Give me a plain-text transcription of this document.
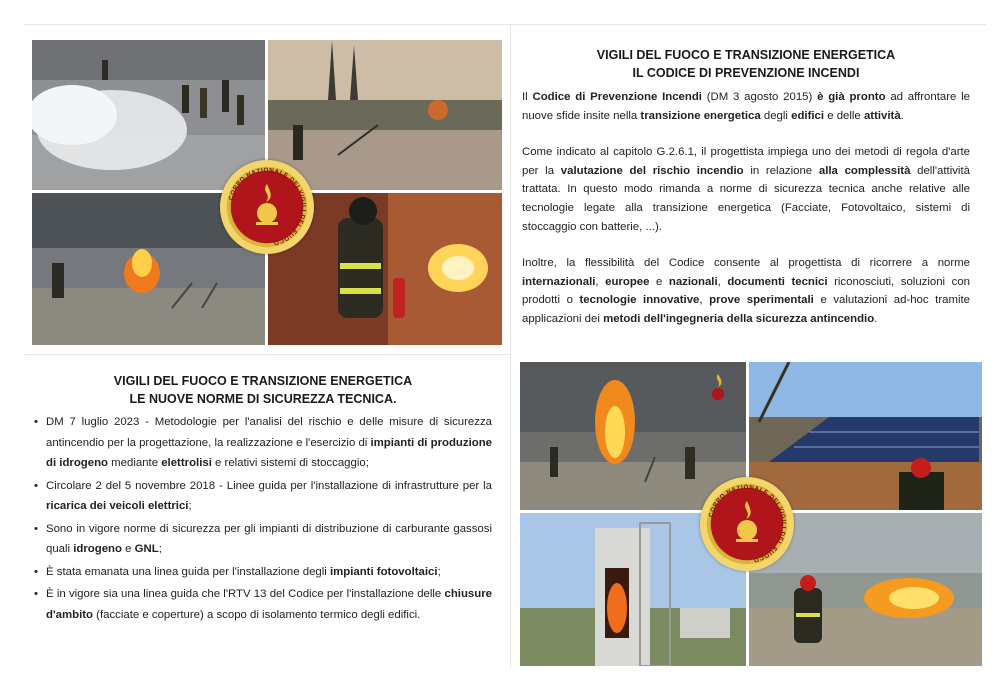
CORPO NAZIONALE DEI VIGILI DEL FUOCO
VIGILI DEL FUOCO E TRANSIZIONE ENERGETICA
IL CODICE DI PREVENZIONE INCENDI

Il Codice di Prevenzione Incendi (DM 3 agosto 2015) è già pronto ad affrontare le nuove sfide insite nella transizione energetica degli edifici e delle attività.

Come indicato al capitolo G.2.6.1, il progettista impiega uno dei metodi di regola d'arte per la valutazione del rischio incendio in relazione alla complessità dell'attività trattata. In questo modo rimanda a norme di sicurezza tecnica anche relative alle tecnologie legate alla transizione energetica (Facciate, Fotovoltaico, sistemi di stoccaggio con batterie, ...).

Inoltre, la flessibilità del Codice consente al progettista di ricorrere a norme internazionali, europee e nazionali, documenti tecnici riconosciuti, soluzioni con prodotti o tecnologie innovative, prove sperimentali e valutazioni ad-hoc tramite applicazioni dei metodi dell'ingegneria della sicurezza antincendio.

VIGILI DEL FUOCO E TRANSIZIONE ENERGETICA
LE NUOVE NORME DI SICUREZZA TECNICA.
• DM 7 luglio 2023 - Metodologie per l'analisi del rischio e delle misure di sicurezza antincendio per la progettazione, la realizzazione e l'esercizio di impianti di produzione di idrogeno mediante elettrolisi e relativi sistemi di stoccaggio;
• Circolare 2 del 5 novembre 2018 - Linee guida per l'installazione di infrastrutture per la ricarica dei veicoli elettrici;
• Sono in vigore norme di sicurezza per gli impianti di distribuzione di carburante gassosi quali idrogeno e GNL;
• È stata emanata una linea guida per l'installazione degli impianti fotovoltaici;
• È in vigore sia una linea guida che l'RTV 13 del Codice per l'installazione delle chiusure d'ambito (facciate e coperture) a scopo di isolamento termico degli edifici.
CORPO NAZIONALE DEI VIGILI DEL FUOCO
